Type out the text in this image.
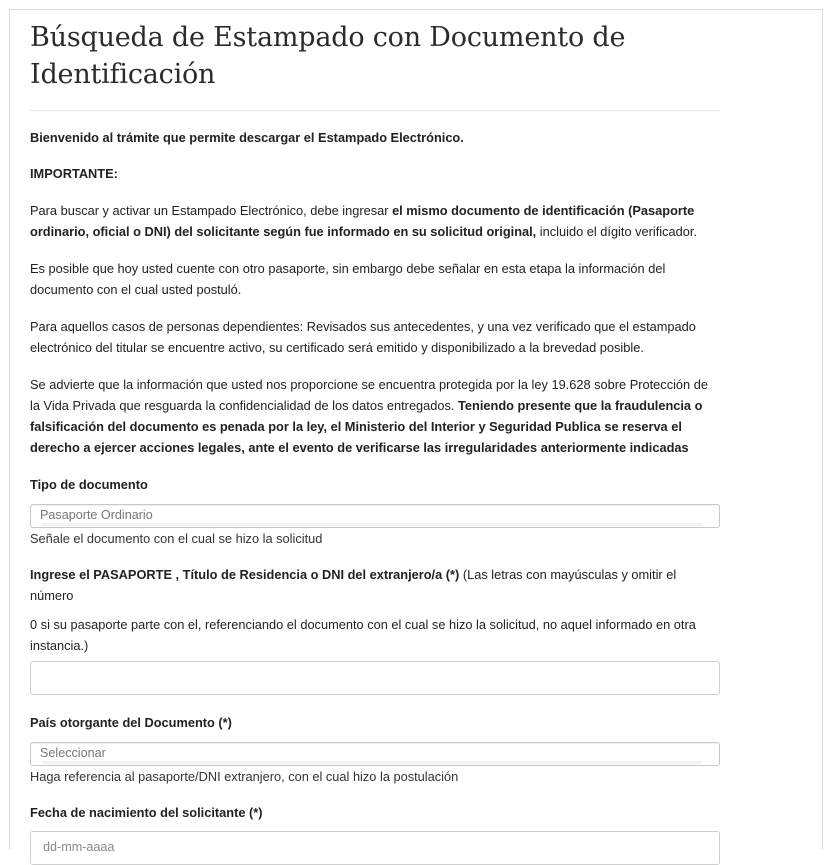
Búsqueda de Estampado con Documento de Identificación

Bienvenido al trámite que permite descargar el Estampado Electrónico.

IMPORTANTE:

Para buscar y activar un Estampado Electrónico, debe ingresar el mismo documento de identificación (Pasaporte ordinario, oficial o DNI) del solicitante según fue informado en su solicitud original, incluido el dígito verificador.

Es posible que hoy usted cuente con otro pasaporte, sin embargo debe señalar en esta etapa la información del documento con el cual usted postuló.

Para aquellos casos de personas dependientes: Revisados sus antecedentes, y una vez verificado que el estampado electrónico del titular se encuentre activo, su certificado será emitido y disponibilizado a la brevedad posible.

Se advierte que la información que usted nos proporcione se encuentra protegida por la ley 19.628 sobre Protección de la Vida Privada que resguarda la confidencialidad de los datos entregados. Teniendo presente que la fraudulencia o falsificación del documento es penada por la ley, el Ministerio del Interior y Seguridad Publica se reserva el derecho a ejercer acciones legales, ante el evento de verificarse las irregularidades anteriormente indicadas

Tipo de documento
Pasaporte Ordinario
Señale el documento con el cual se hizo la solicitud
Ingrese el PASAPORTE , Título de Residencia o DNI del extranjero/a (*) (Las letras con mayúsculas y omitir el número
0 si su pasaporte parte con el, referenciando el documento con el cual se hizo la solicitud, no aquel informado en otra instancia.)
País otorgante del Documento (*)
Seleccionar
Haga referencia al pasaporte/DNI extranjero, con el cual hizo la postulación
Fecha de nacimiento del solicitante (*)
dd-mm-aaaa
